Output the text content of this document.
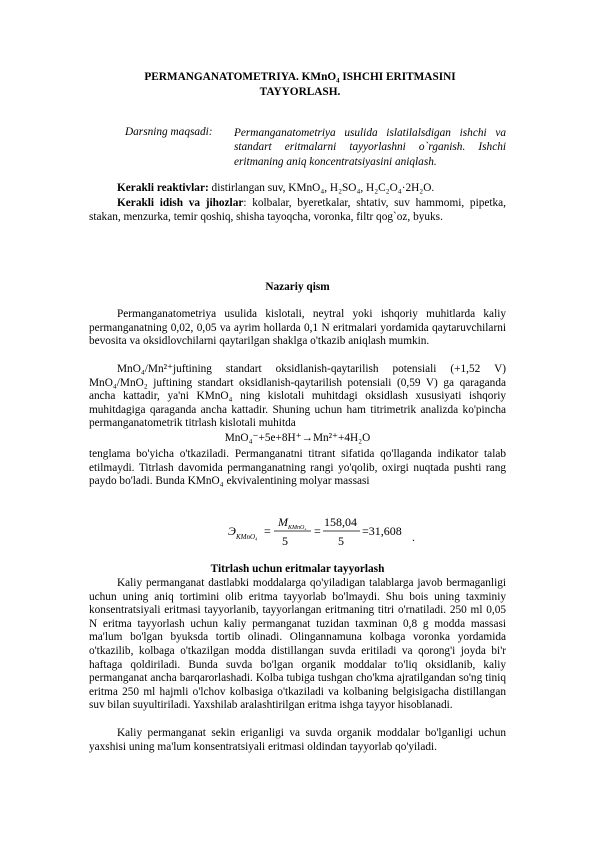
PERMANGANATOMETRIYA. KMnO₄ ISHCHI ERITMASINI
TAYYORLASH.
Darsning maqsadi: Permanganatometriya usulida islatilalsdigan ishchi va standart eritmalarni tayyorlashni o`rganish. Ishchi eritmaning aniq koncentratsiyasini aniqlash.
Kerakli reaktivlar: distirlangan suv, KMnO₄, H₂SO₄, H₂C₂O₄·2H₂O.
Kerakli idish va jihozlar: kolbalar, byeretkalar, shtativ, suv hammomi, pipetka, stakan, menzurka, temir qoshiq, shisha tayoqcha, voronka, filtr qog`oz, byuks.
Nazariy qism
Permanganatometriya usulida kislotali, neytral yoki ishqoriy muhitlarda kaliy permanganatning 0,02, 0,05 va ayrim hollarda 0,1 N eritmalari yordamida qaytaruvchilarni bevosita va oksidlovchilarni qaytarilgan shaklga o'tkazib aniqlash mumkin.
MnO₄/Mn²⁺juftining standart oksidlanish-qaytarilish potensiali (+1,52 V) MnO₄/MnO₂ juftining standart oksidlanish-qaytarilish potensiali (0,59 V) ga qaraganda ancha kattadir, ya'ni KMnO₄ ning kislotali muhitdagi oksidlash xususiyati ishqoriy muhitdagiga qaraganda ancha kattadir. Shuning uchun ham titrimetrik analizda ko'pincha permanganatometrik titrlash kislotali muhitda
MnO₄⁻+5e+8H⁺→Mn²⁺+4H₂O
tenglama bo'yicha o'tkaziladi. Permanganatni titrant sifatida qo'llaganda indikator talab etilmaydi. Titrlash davomida permanganatning rangi yo'qolib, oxirgi nuqtada pushti rang paydo bo'ladi. Bunda KMnO₄ ekvivalentining molyar massasi
Э KMnO₄ =
M KMnO₄
5
=
158,04
5
=31,608 .
Titrlash uchun eritmalar tayyorlash
Kaliy permanganat dastlabki moddalarga qo'yiladigan talablarga javob bermaganligi uchun uning aniq tortimini olib eritma tayyorlab bo'lmaydi. Shu bois uning taxminiy konsentratsiyali eritmasi tayyorlanib, tayyorlangan eritmaning titri o'rnatiladi. 250 ml 0,05 N eritma tayyorlash uchun kaliy permanganat tuzidan taxminan 0,8 g modda massasi ma'lum bo'lgan byuksda tortib olinadi. Olingannamuna kolbaga voronka yordamida o'tkazilib, kolbaga o'tkazilgan modda distillangan suvda eritiladi va qorong'i joyda bi'r haftaga qoldiriladi. Bunda suvda bo'lgan organik moddalar to'liq oksidlanib, kaliy permanganat ancha barqarorlashadi. Kolba tubiga tushgan cho'kma ajratilgandan so'ng tiniq eritma 250 ml hajmli o'lchov kolbasiga o'tkaziladi va kolbaning belgisigacha distillangan suv bilan suyultiriladi. Yaxshilab aralashtirilgan eritma ishga tayyor hisoblanadi.
Kaliy permanganat sekin eriganligi va suvda organik moddalar bo'lganligi uchun yaxshisi uning ma'lum konsentratsiyali eritmasi oldindan tayyorlab qo'yiladi.
